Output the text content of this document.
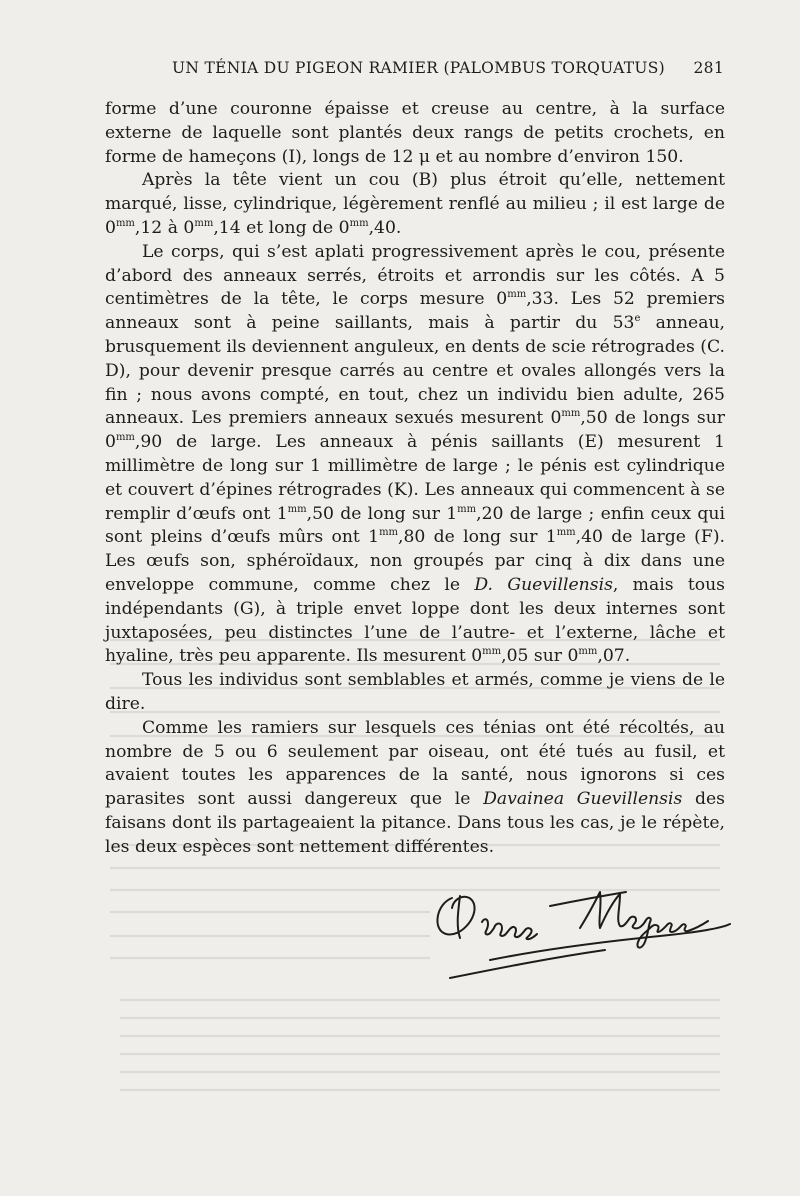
UN TÉNIA DU PIGEON RAMIER (PALOMBUS TORQUATUS) 281

forme d’une couronne épaisse et creuse au centre, à la surface externe de laquelle sont plantés deux rangs de petits crochets, en forme de hameçons (I), longs de 12 μ et au nombre d’environ 150.

Après la tête vient un cou (B) plus étroit qu’elle, nettement marqué, lisse, cylindrique, légèrement renflé au milieu ; il est large de $0^{mm},12$ à $0^{mm},14$ et long de $0^{mm},40$.

Le corps, qui s’est aplati progressivement après le cou, présente d’abord des anneaux serrés, étroits et arrondis sur les côtés. A 5 centimètres de la tête, le corps mesure $0^{mm},33$. Les 52 premiers anneaux sont à peine saillants, mais à partir du 53e anneau, brusquement ils deviennent anguleux, en dents de scie rétrogrades (C. D), pour devenir presque carrés au centre et ovales allongés vers la fin ; nous avons compté, en tout, chez un individu bien adulte, 265 anneaux. Les premiers anneaux sexués mesurent $0^{mm},50$ de longs sur $0^{mm},90$ de large. Les anneaux à pénis saillants (E) mesurent 1 millimètre de long sur 1 millimètre de large ; le pénis est cylindrique et couvert d’épines rétrogrades (K). Les anneaux qui commencent à se remplir d’œufs ont $1^{mm},50$ de long sur $1^{mm},20$ de large ; enfin ceux qui sont pleins d’œufs mûrs ont $1^{mm},80$ de long sur $1^{mm},40$ de large (F). Les œufs son, sphéroïdaux, non groupés par cinq à dix dans une enveloppe commune, comme chez le D. Guevillensis, mais tous indépendants (G), à triple envet loppe dont les deux internes sont juxtaposées, peu distinctes l’une de l’autre- et l’externe, lâche et hyaline, très peu apparente. Ils mesurent $0^{mm},05$ sur $0^{mm},07$.

Tous les individus sont semblables et armés, comme je viens de le dire.

Comme les ramiers sur lesquels ces ténias ont été récoltés, au nombre de 5 ou 6 seulement par oiseau, ont été tués au fusil, et avaient toutes les apparences de la santé, nous ignorons si ces parasites sont aussi dangereux que le Davainea Guevillensis des faisans dont ils partageaient la pitance. Dans tous les cas, je le répète, les deux espèces sont nettement différentes.
